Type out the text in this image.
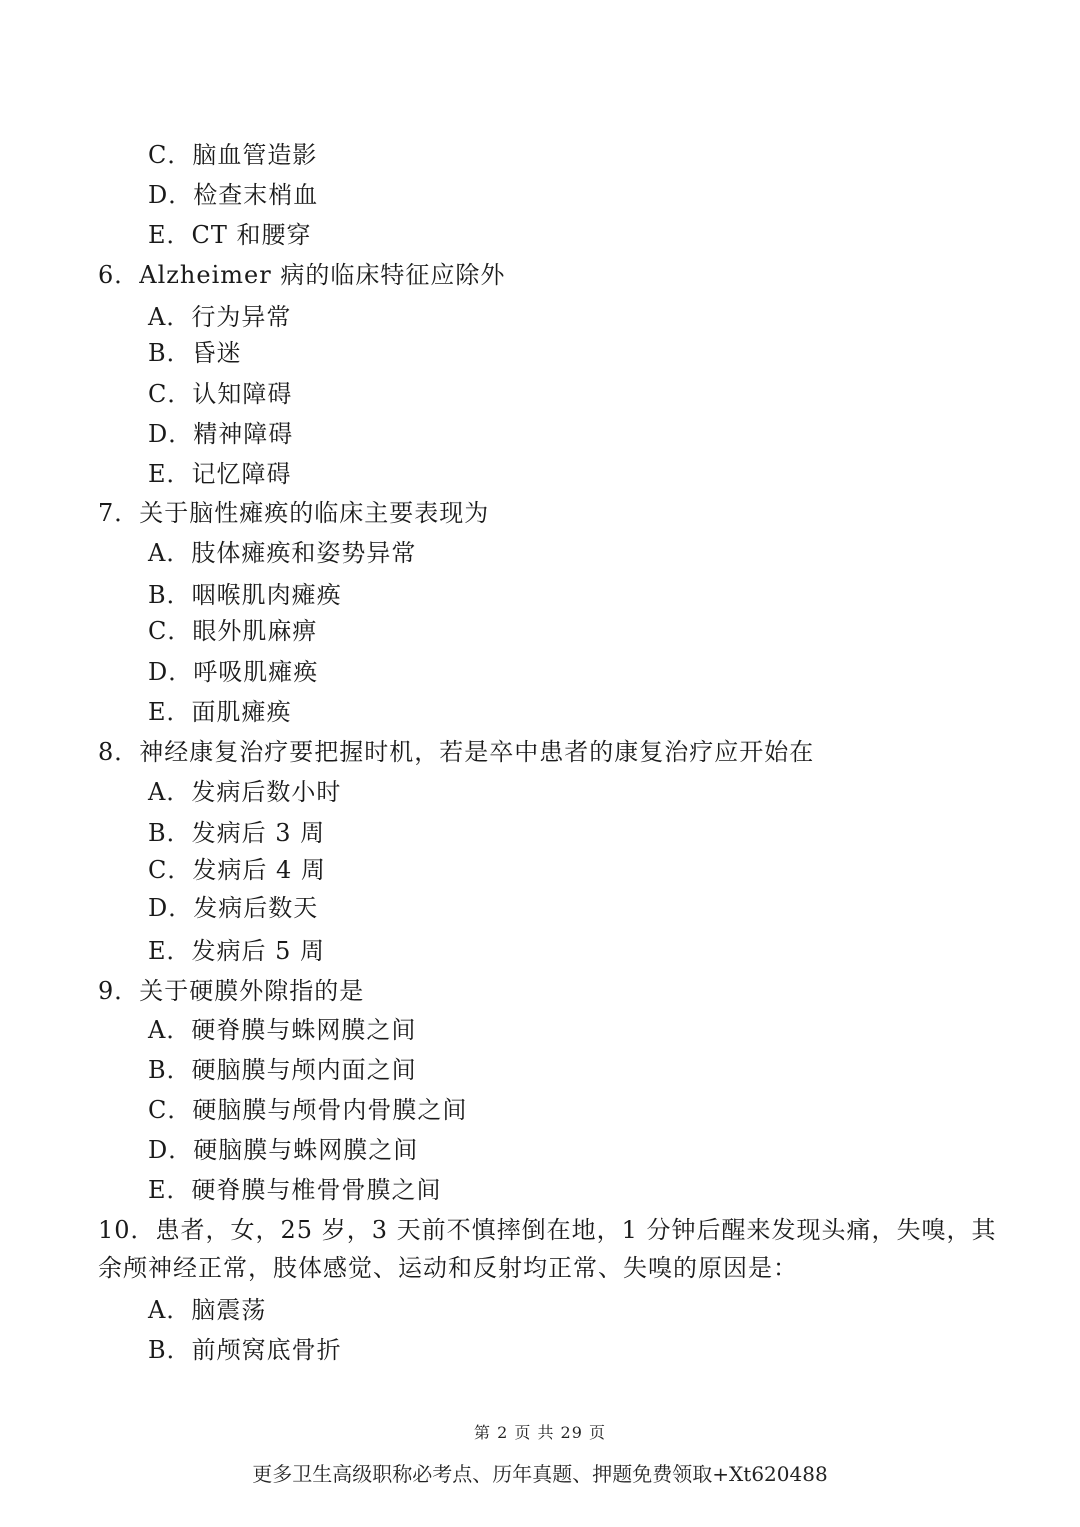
C．脑血管造影
D．检查末梢血
E．CT 和腰穿
6．Alzheimer 病的临床特征应除外
A．行为异常
B．昏迷
C．认知障碍
D．精神障碍
E．记忆障碍
7．关于脑性瘫痪的临床主要表现为
A．肢体瘫痪和姿势异常
B．咽喉肌肉瘫痪
C．眼外肌麻痹
D．呼吸肌瘫痪
E．面肌瘫痪
8．神经康复治疗要把握时机，若是卒中患者的康复治疗应开始在
A．发病后数小时
B．发病后 3 周
C．发病后 4 周
D．发病后数天
E．发病后 5 周
9．关于硬膜外隙指的是
A．硬脊膜与蛛网膜之间
B．硬脑膜与颅内面之间
C．硬脑膜与颅骨内骨膜之间
D．硬脑膜与蛛网膜之间
E．硬脊膜与椎骨骨膜之间
10．患者，女，25 岁，3 天前不慎摔倒在地，1 分钟后醒来发现头痛，失嗅，其
余颅神经正常，肢体感觉、运动和反射均正常、失嗅的原因是：
A．脑震荡
B．前颅窝底骨折
第 2 页 共 29 页
更多卫生高级职称必考点、历年真题、押题免费领取+Xt620488
